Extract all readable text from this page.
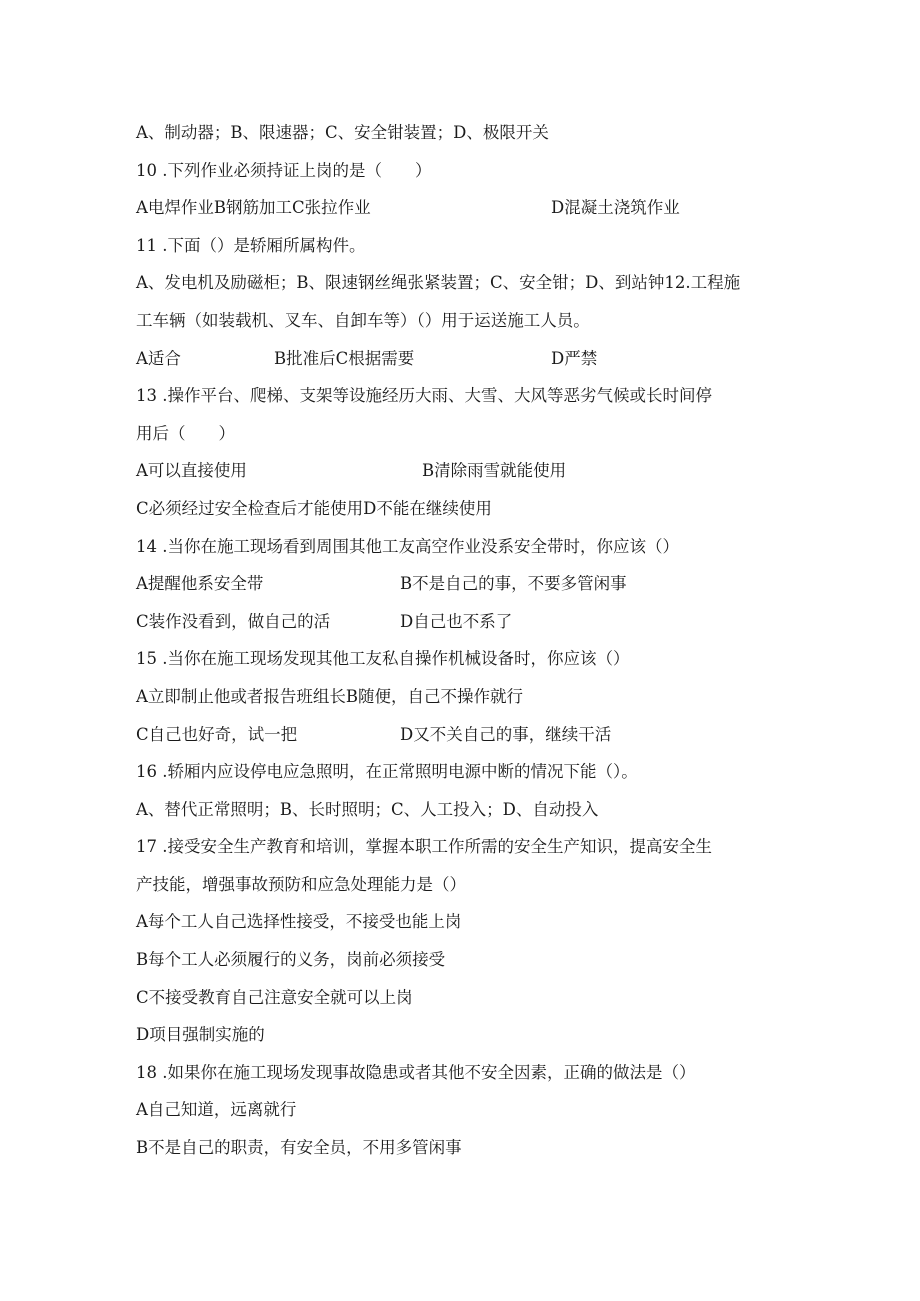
A、制动器；B、限速器；C、安全钳装置；D、极限开关
10 .下列作业必须持证上岗的是（　　）
A电焊作业B钢筋加工C张拉作业	D混凝土浇筑作业
11 .下面（）是轿厢所属构件。
A、发电机及励磁柜；B、限速钢丝绳张紧装置；C、安全钳；D、到站钟12.工程施
工车辆（如装载机、叉车、自卸车等）（）用于运送施工人员。
A适合	B批准后C根据需要	D严禁
13 .操作平台、爬梯、支架等设施经历大雨、大雪、大风等恶劣气候或长时间停
用后（　　）
A可以直接使用	B清除雨雪就能使用
C必须经过安全检查后才能使用D不能在继续使用
14 .当你在施工现场看到周围其他工友高空作业没系安全带时，你应该（）
A提醒他系安全带	B不是自己的事，不要多管闲事
C装作没看到，做自己的活	D自己也不系了
15 .当你在施工现场发现其他工友私自操作机械设备时，你应该（）
A立即制止他或者报告班组长B随便，自己不操作就行
C自己也好奇，试一把	D又不关自己的事，继续干活
16 .轿厢内应设停电应急照明，在正常照明电源中断的情况下能（）。
A、替代正常照明；B、长时照明；C、人工投入；D、自动投入
17 .接受安全生产教育和培训，掌握本职工作所需的安全生产知识，提高安全生
产技能，增强事故预防和应急处理能力是（）
A每个工人自己选择性接受，不接受也能上岗
B每个工人必须履行的义务，岗前必须接受
C不接受教育自己注意安全就可以上岗
D项目强制实施的
18 .如果你在施工现场发现事故隐患或者其他不安全因素，正确的做法是（）
A自己知道，远离就行
B不是自己的职责，有安全员，不用多管闲事
